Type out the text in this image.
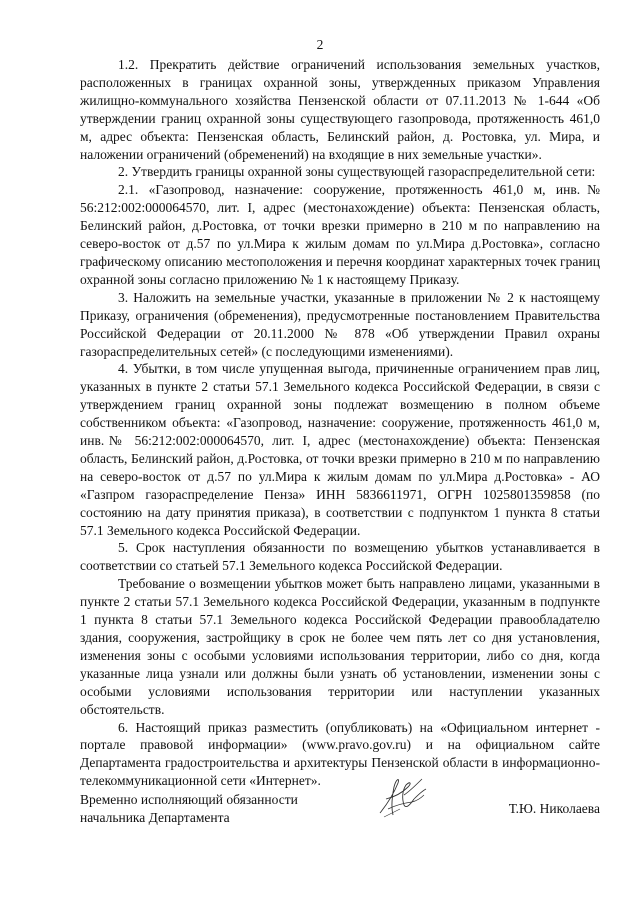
2

1.2. Прекратить действие ограничений использования земельных участков, расположенных в границах охранной зоны, утвержденных приказом Управления жилищно-коммунального хозяйства Пензенской области от 07.11.2013 № 1-644 «Об утверждении границ охранной зоны существующего газопровода, протяженность 461,0 м, адрес объекта: Пензенская область, Белинский район, д. Ростовка, ул. Мира, и наложении ограничений (обременений) на входящие в них земельные участки».

2. Утвердить границы охранной зоны существующей газораспределительной сети:

2.1. «Газопровод, назначение: сооружение, протяженность 461,0 м, инв.№ 56:212:002:000064570, лит. I, адрес (местонахождение) объекта: Пензенская область, Белинский район, д.Ростовка, от точки врезки примерно в 210 м по направлению на северо-восток от д.57 по ул.Мира к жилым домам по ул.Мира д.Ростовка», согласно графическому описанию местоположения и перечня координат характерных точек границ охранной зоны согласно приложению № 1 к настоящему Приказу.

3. Наложить на земельные участки, указанные в приложении № 2 к настоящему Приказу, ограничения (обременения), предусмотренные постановлением Правительства Российской Федерации от 20.11.2000 № 878 «Об утверждении Правил охраны газораспределительных сетей» (с последующими изменениями).

4. Убытки, в том числе упущенная выгода, причиненные ограничением прав лиц, указанных в пункте 2 статьи 57.1 Земельного кодекса Российской Федерации, в связи с утверждением границ охранной зоны подлежат возмещению в полном объеме собственником объекта: «Газопровод, назначение: сооружение, протяженность 461,0 м, инв.№ 56:212:002:000064570, лит. I, адрес (местонахождение) объекта: Пензенская область, Белинский район, д.Ростовка, от точки врезки примерно в 210 м по направлению на северо-восток от д.57 по ул.Мира к жилым домам по ул.Мира д.Ростовка» - АО «Газпром газораспределение Пенза» ИНН 5836611971, ОГРН 1025801359858 (по состоянию на дату принятия приказа), в соответствии с подпунктом 1 пункта 8 статьи 57.1 Земельного кодекса Российской Федерации.

5. Срок наступления обязанности по возмещению убытков устанавливается в соответствии со статьей 57.1 Земельного кодекса Российской Федерации.

Требование о возмещении убытков может быть направлено лицами, указанными в пункте 2 статьи 57.1 Земельного кодекса Российской Федерации, указанным в подпункте 1 пункта 8 статьи 57.1 Земельного кодекса Российской Федерации правообладателю здания, сооружения, застройщику в срок не более чем пять лет со дня установления, изменения зоны с особыми условиями использования территории, либо со дня, когда указанные лица узнали или должны были узнать об установлении, изменении зоны с особыми условиями использования территории или наступлении указанных обстоятельств.

6. Настоящий приказ разместить (опубликовать) на «Официальном интернет - портале правовой информации» (www.pravo.gov.ru) и на официальном сайте Департамента градостроительства и архитектуры Пензенской области в информационно-телекоммуникационной сети «Интернет».

Временно исполняющий обязанности
начальника Департамента
Т.Ю. Николаева
